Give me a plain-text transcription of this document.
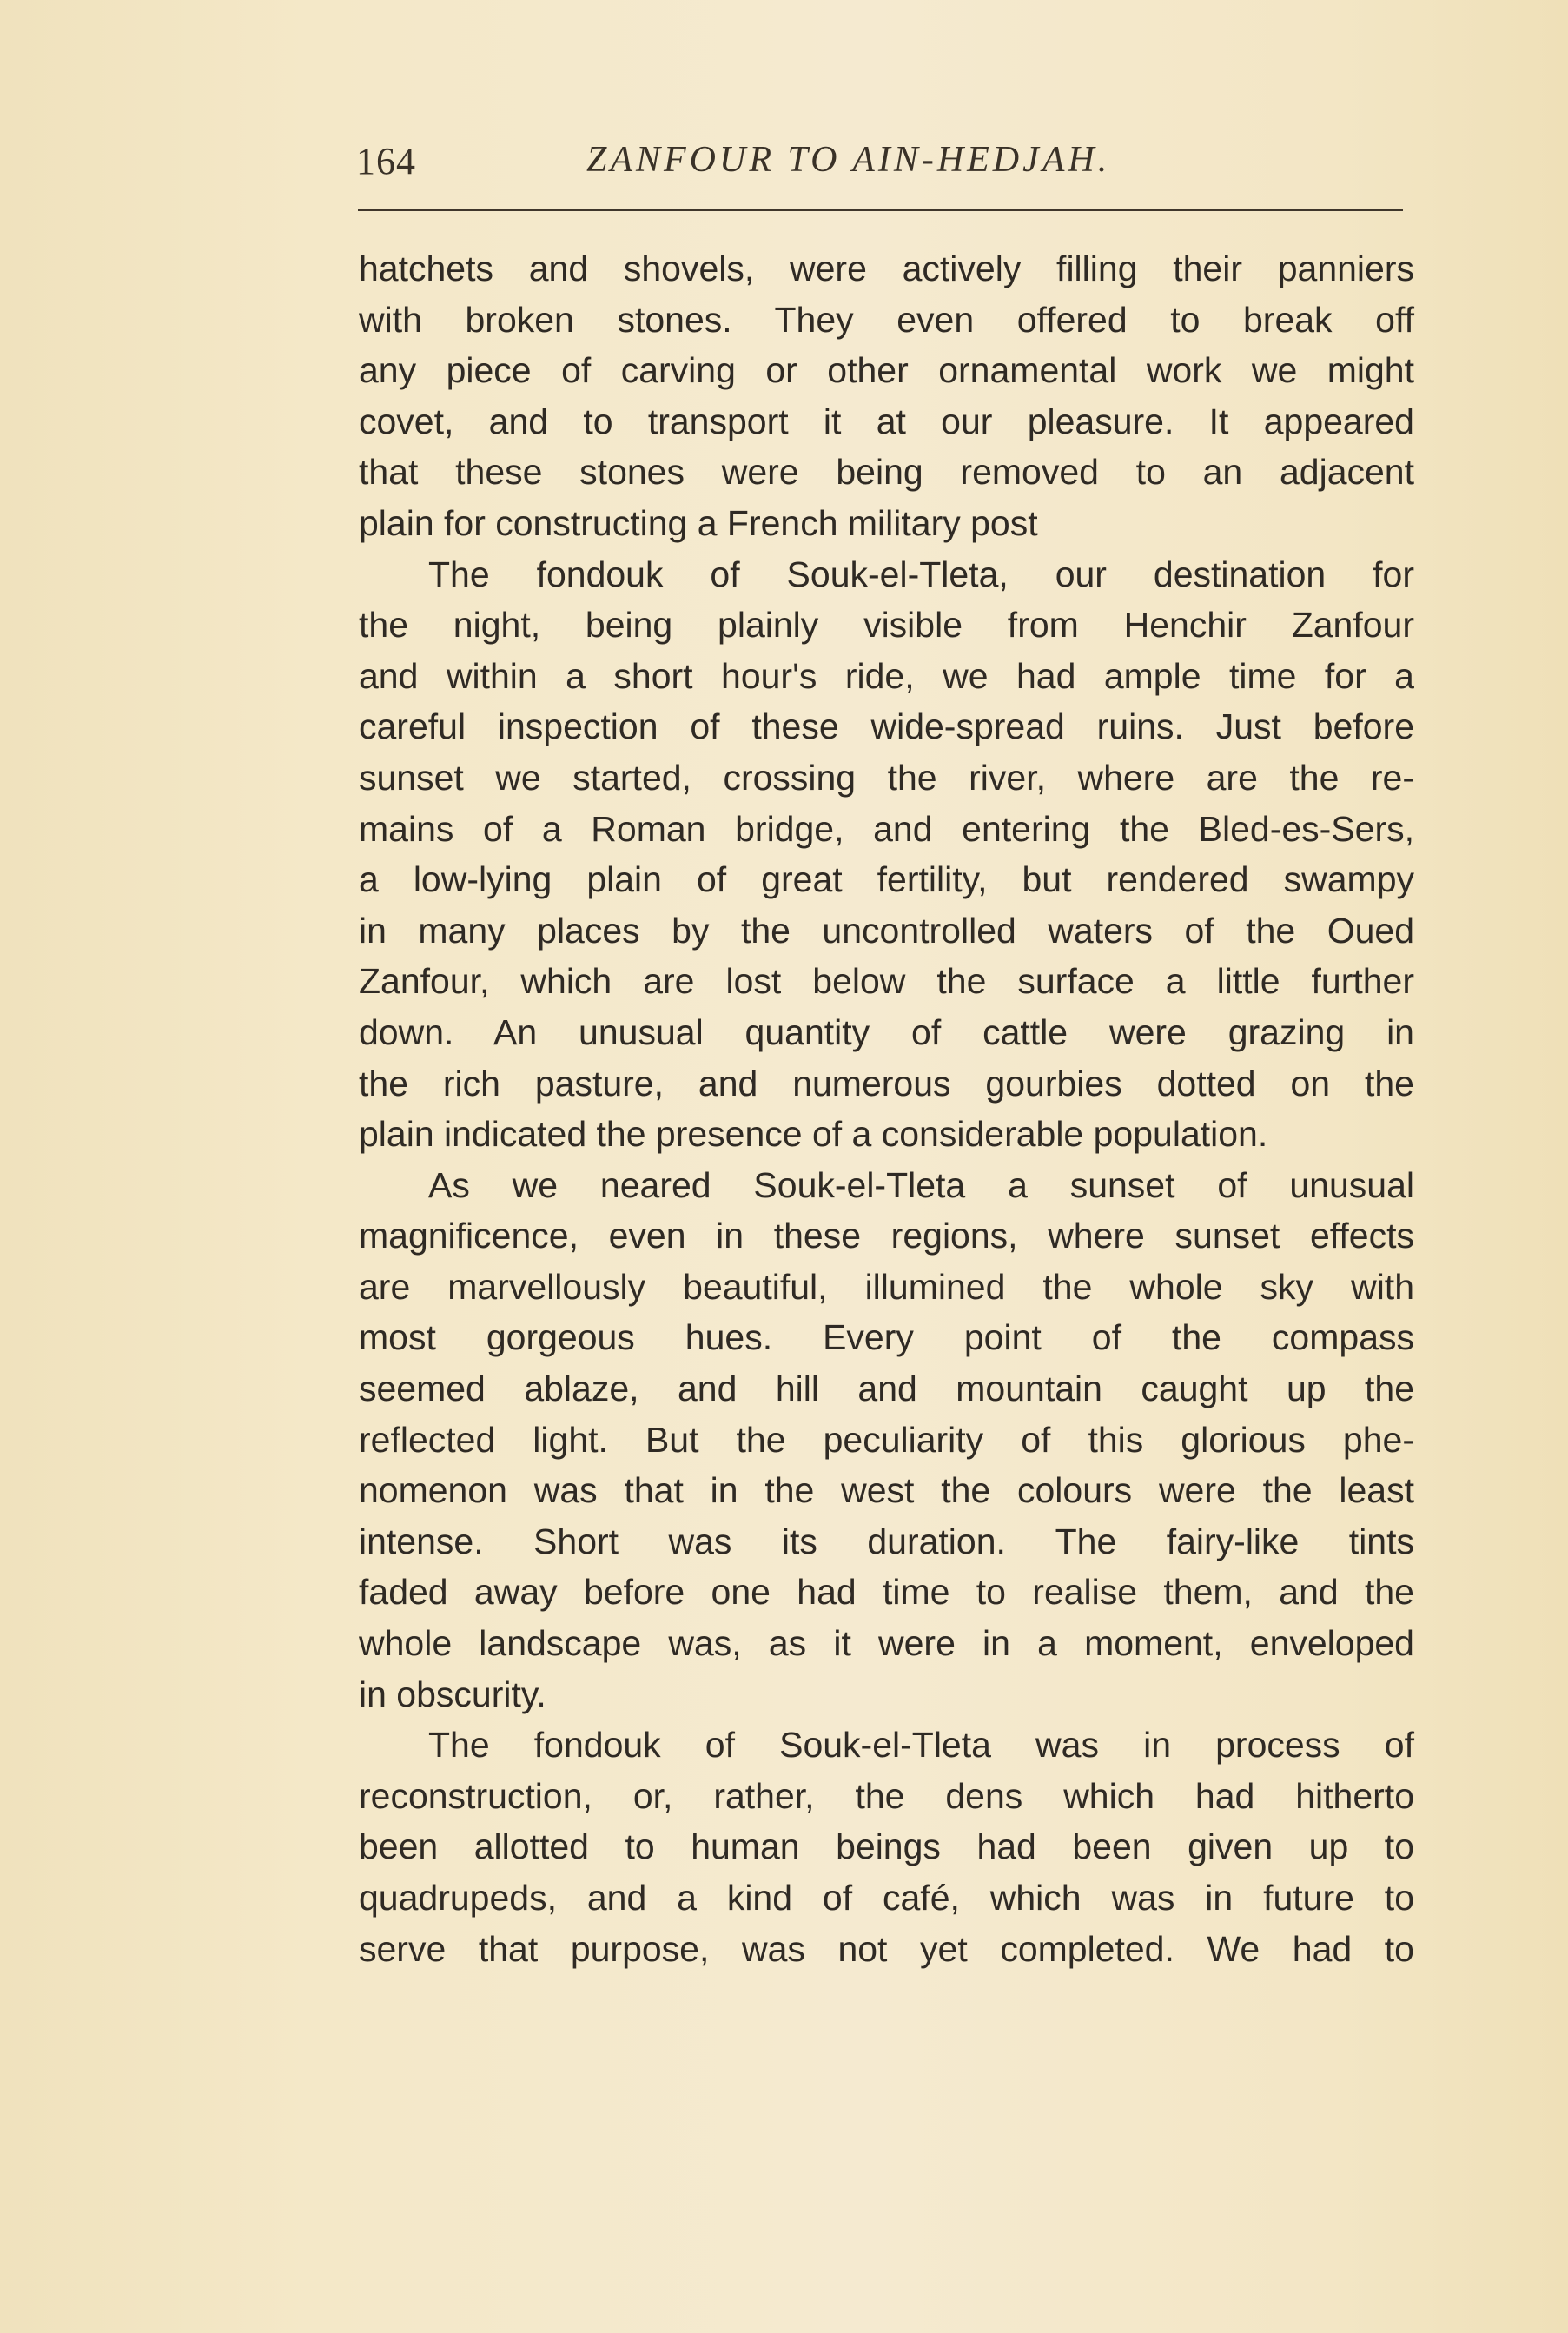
164	ZANFOUR TO AIN-HEDJAH.
hatchets and shovels, were actively filling their panniers
with broken stones. They even offered to break off
any piece of carving or other ornamental work we might
covet, and to transport it at our pleasure. It appeared
that these stones were being removed to an adjacent
plain for constructing a French military post
The fondouk of Souk-el-Tleta, our destination for
the night, being plainly visible from Henchir Zanfour
and within a short hour's ride, we had ample time for a
careful inspection of these wide-spread ruins. Just before
sunset we started, crossing the river, where are the re-
mains of a Roman bridge, and entering the Bled-es-Sers,
a low-lying plain of great fertility, but rendered swampy
in many places by the uncontrolled waters of the Oued
Zanfour, which are lost below the surface a little further
down. An unusual quantity of cattle were grazing in
the rich pasture, and numerous gourbies dotted on the
plain indicated the presence of a considerable population.
As we neared Souk-el-Tleta a sunset of unusual
magnificence, even in these regions, where sunset effects
are marvellously beautiful, illumined the whole sky with
most gorgeous hues. Every point of the compass
seemed ablaze, and hill and mountain caught up the
reflected light. But the peculiarity of this glorious phe-
nomenon was that in the west the colours were the least
intense. Short was its duration. The fairy-like tints
faded away before one had time to realise them, and the
whole landscape was, as it were in a moment, enveloped
in obscurity.
The fondouk of Souk-el-Tleta was in process of
reconstruction, or, rather, the dens which had hitherto
been allotted to human beings had been given up to
quadrupeds, and a kind of café, which was in future to
serve that purpose, was not yet completed. We had to
